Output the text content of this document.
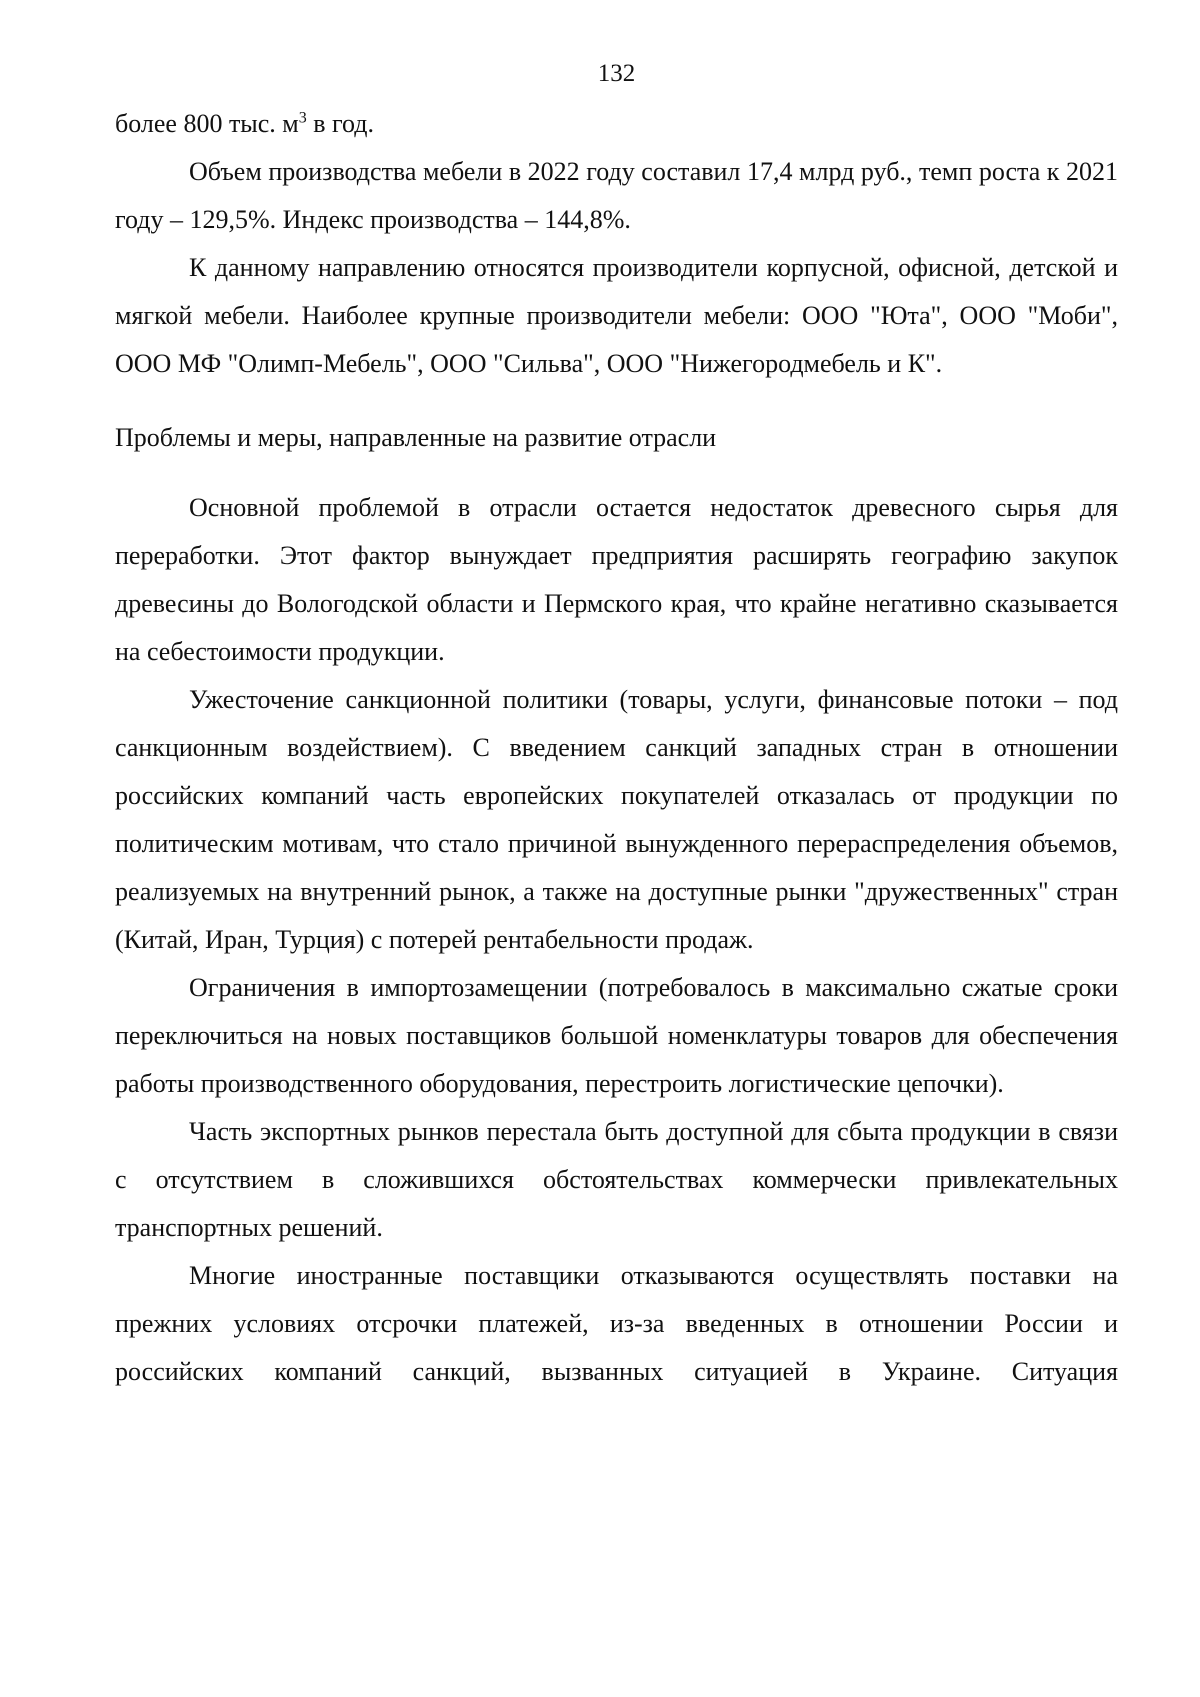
132

более 800 тыс. $м^3$ в год.

Объем производства мебели в 2022 году составил 17,4 млрд руб., темп роста к 2021 году – 129,5%. Индекс производства – 144,8%.

К данному направлению относятся производители корпусной, офисной, детской и мягкой мебели. Наиболее крупные производители мебели: ООО "Юта", ООО "Моби", ООО МФ "Олимп-Мебель", ООО "Сильва", ООО "Нижегородмебель и К".

Проблемы и меры, направленные на развитие отрасли

Основной проблемой в отрасли остается недостаток древесного сырья для переработки. Этот фактор вынуждает предприятия расширять географию закупок древесины до Вологодской области и Пермского края, что крайне негативно сказывается на себестоимости продукции.

Ужесточение санкционной политики (товары, услуги, финансовые потоки – под санкционным воздействием). С введением санкций западных стран в отношении российских компаний часть европейских покупателей отказалась от продукции по политическим мотивам, что стало причиной вынужденного перераспределения объемов, реализуемых на внутренний рынок, а также на доступные рынки "дружественных" стран (Китай, Иран, Турция) с потерей рентабельности продаж.

Ограничения в импортозамещении (потребовалось в максимально сжатые сроки переключиться на новых поставщиков большой номенклатуры товаров для обеспечения работы производственного оборудования, перестроить логистические цепочки).

Часть экспортных рынков перестала быть доступной для сбыта продукции в связи с отсутствием в сложившихся обстоятельствах коммерчески привлекательных транспортных решений.

Многие иностранные поставщики отказываются осуществлять поставки на прежних условиях отсрочки платежей, из-за введенных в отношении России и российских компаний санкций, вызванных ситуацией в Украине. Ситуация
